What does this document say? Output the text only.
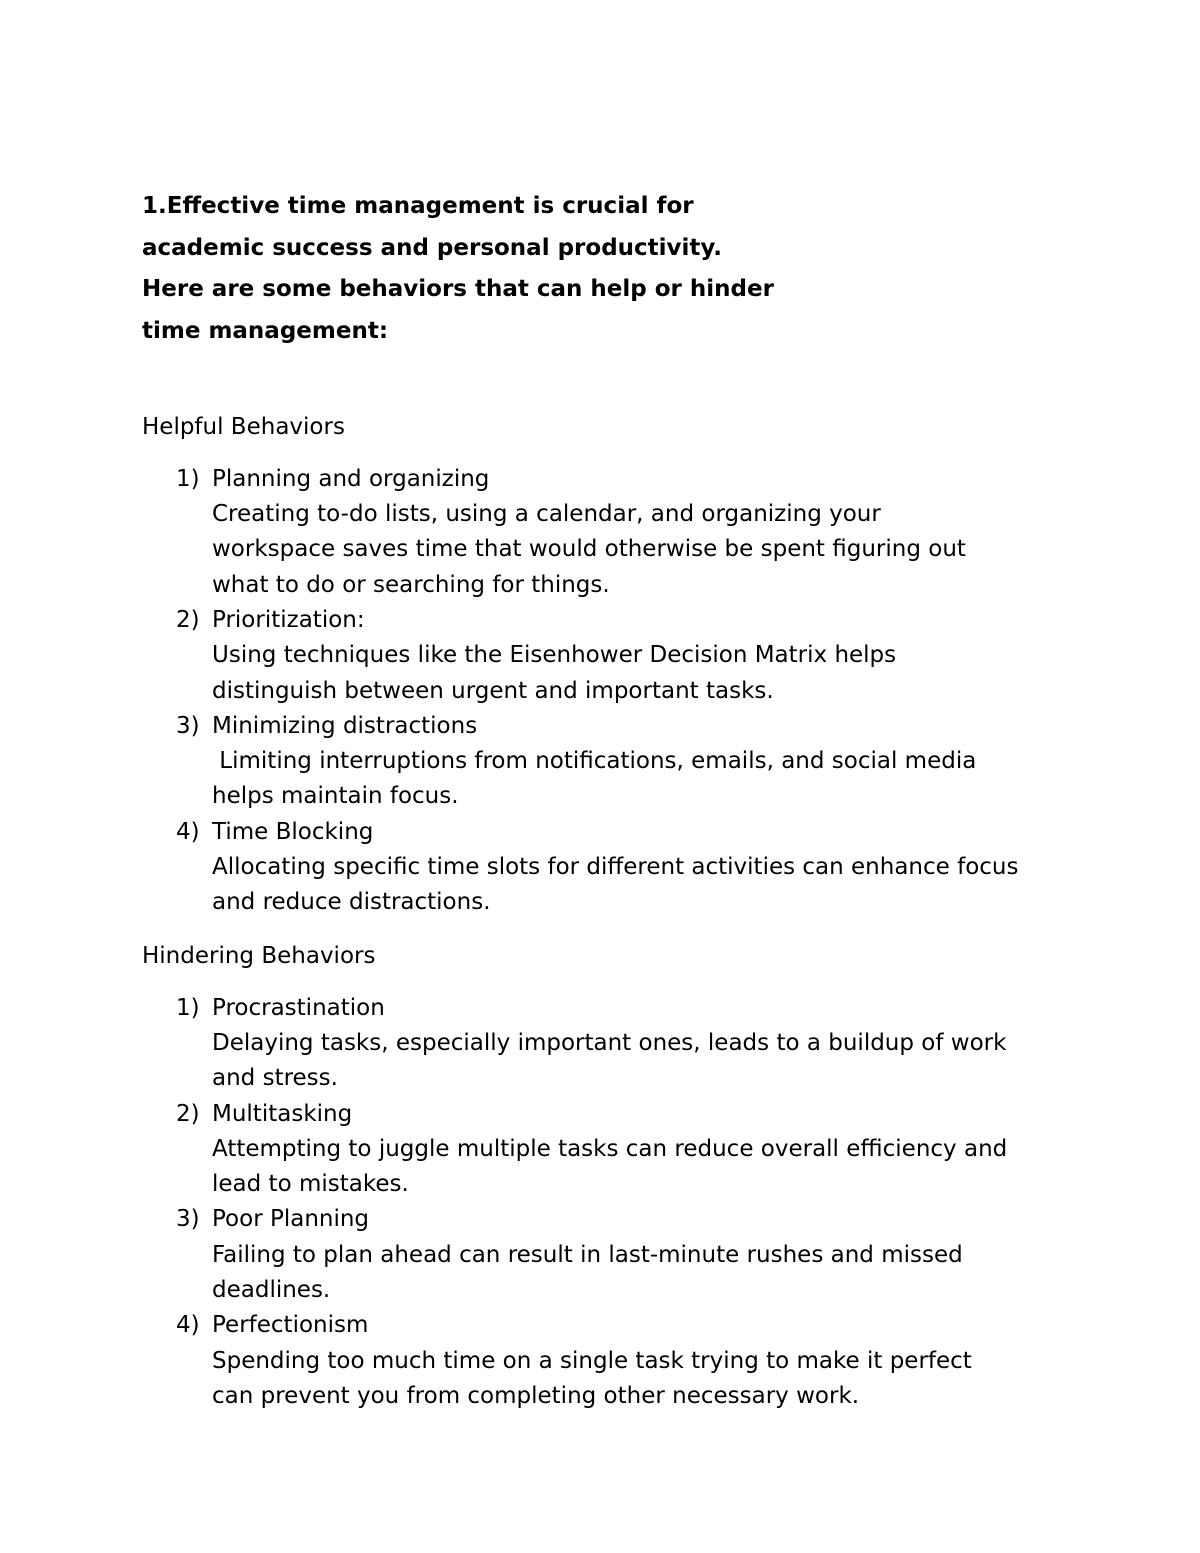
1.Effective time management is crucial for
academic success and personal productivity.
Here are some behaviors that can help or hinder
time management:
Helpful Behaviors
1) Planning and organizing
Creating to-do lists, using a calendar, and organizing your
workspace saves time that would otherwise be spent figuring out
what to do or searching for things.
2) Prioritization:
Using techniques like the Eisenhower Decision Matrix helps
distinguish between urgent and important tasks.
3) Minimizing distractions
Limiting interruptions from notifications, emails, and social media
helps maintain focus.
4) Time Blocking
Allocating specific time slots for different activities can enhance focus
and reduce distractions.
Hindering Behaviors
1) Procrastination
Delaying tasks, especially important ones, leads to a buildup of work
and stress.
2) Multitasking
Attempting to juggle multiple tasks can reduce overall efficiency and
lead to mistakes.
3) Poor Planning
Failing to plan ahead can result in last-minute rushes and missed
deadlines.
4) Perfectionism
Spending too much time on a single task trying to make it perfect
can prevent you from completing other necessary work.
